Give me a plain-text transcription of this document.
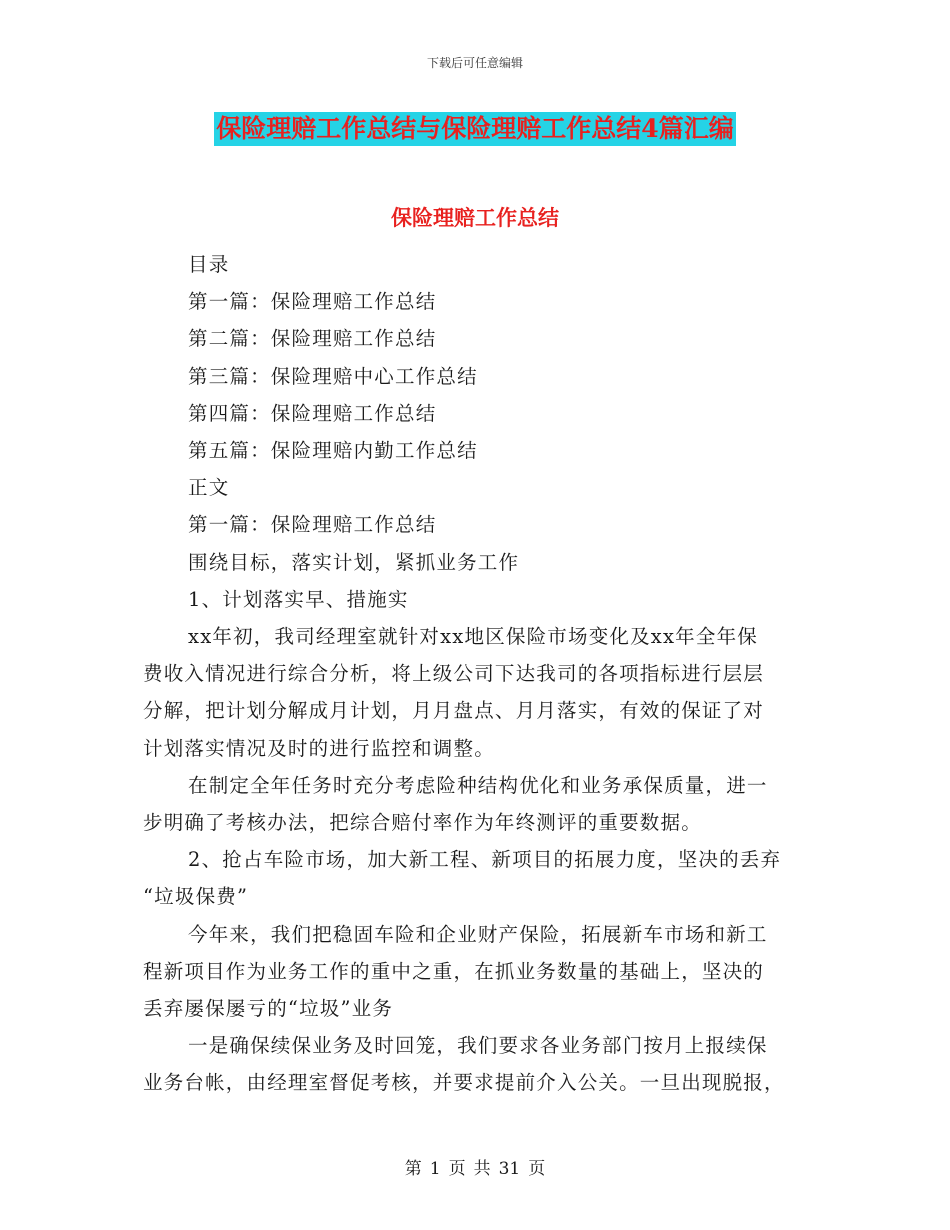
下载后可任意编辑
保险理赔工作总结与保险理赔工作总结4篇汇编
保险理赔工作总结
目录
第一篇：保险理赔工作总结
第二篇：保险理赔工作总结
第三篇：保险理赔中心工作总结
第四篇：保险理赔工作总结
第五篇：保险理赔内勤工作总结
正文
第一篇：保险理赔工作总结
围绕目标，落实计划，紧抓业务工作
1、计划落实早、措施实
xx年初，我司经理室就针对xx地区保险市场变化及xx年全年保
费收入情况进行综合分析，将上级公司下达我司的各项指标进行层层
分解，把计划分解成月计划，月月盘点、月月落实，有效的保证了对
计划落实情况及时的进行监控和调整。
在制定全年任务时充分考虑险种结构优化和业务承保质量，进一
步明确了考核办法，把综合赔付率作为年终测评的重要数据。
2、抢占车险市场，加大新工程、新项目的拓展力度，坚决的丢弃
“垃圾保费”
今年来，我们把稳固车险和企业财产保险，拓展新车市场和新工
程新项目作为业务工作的重中之重，在抓业务数量的基础上，坚决的
丢弃屡保屡亏的“垃圾”业务
一是确保续保业务及时回笼，我们要求各业务部门按月上报续保
业务台帐，由经理室督促考核，并要求提前介入公关。一旦出现脱报，
第 1 页 共 31 页
